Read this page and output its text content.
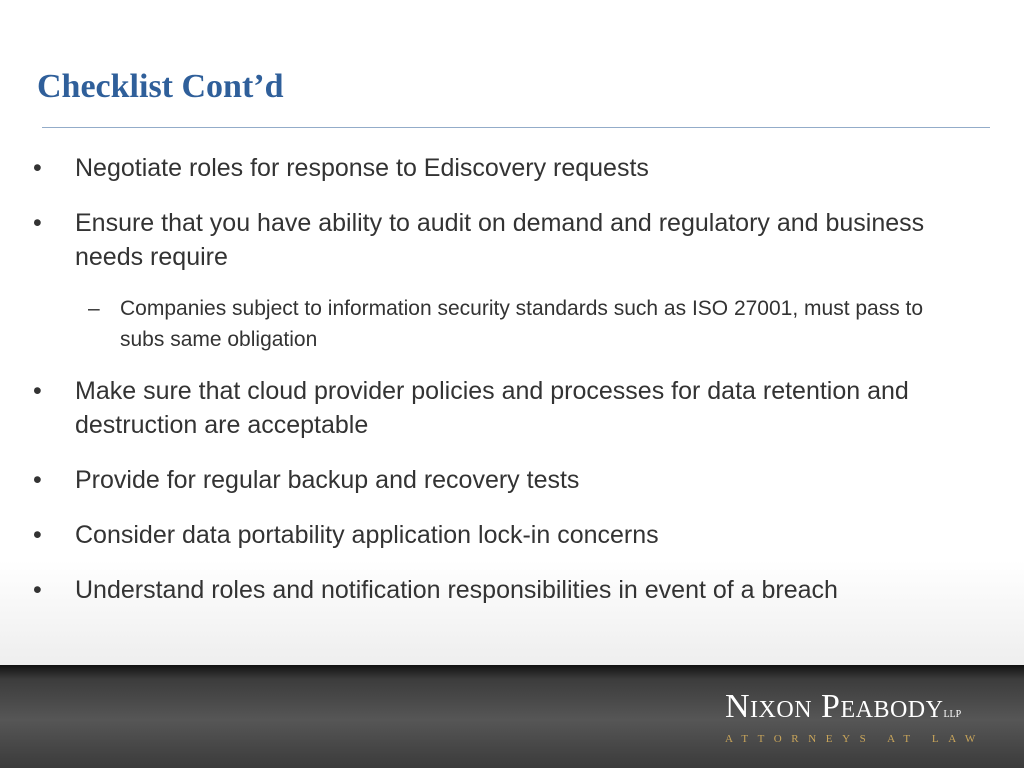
Checklist Cont’d
• Negotiate roles for response to Ediscovery requests
• Ensure that you have ability to audit on demand and regulatory and business needs require
– Companies subject to information security standards such as ISO 27001, must pass to subs same obligation
• Make sure that cloud provider policies and processes for data retention and destruction are acceptable
• Provide for regular backup and recovery tests
• Consider data portability application lock-in concerns
• Understand roles and notification responsibilities in event of a breach
Nixon PeabodyLLP
ATTORNEYS AT LAW
